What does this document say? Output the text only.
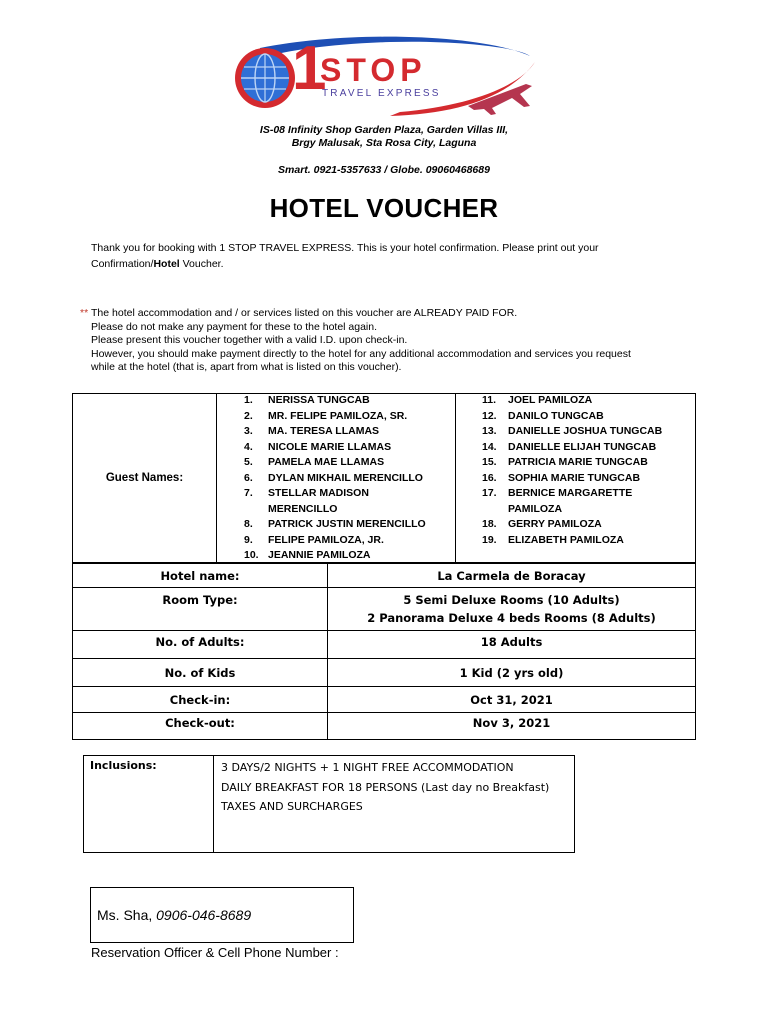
1
STOP
TRAVEL EXPRESS
IS-08 Infinity Shop Garden Plaza, Garden Villas III,
Brgy Malusak, Sta Rosa City, Laguna
Smart. 0921-5357633 / Globe. 09060468689
HOTEL VOUCHER

Thank you for booking with 1 STOP TRAVEL EXPRESS. This is your hotel confirmation. Please print out your

Confirmation/Hotel Voucher.

** The hotel accommodation and / or services listed on this voucher are ALREADY PAID FOR.

Please do not make any payment for these to the hotel again.

Please present this voucher together with a valid I.D. upon check-in.

However, you should make payment directly to the hotel for any additional accommodation and services you request

while at the hotel (that is, apart from what is listed on this voucher).

Guest Names:
1. NERISSA TUNGCAB
2. MR. FELIPE PAMILOZA, SR.
3. MA. TERESA LLAMAS
4. NICOLE MARIE LLAMAS
5. PAMELA MAE LLAMAS
6. DYLAN MIKHAIL MERENCILLO
7. STELLAR MADISON
MERENCILLO
8. PATRICK JUSTIN MERENCILLO
9. FELIPE PAMILOZA, JR.
10. JEANNIE PAMILOZA
11. JOEL PAMILOZA
12. DANILO TUNGCAB
13. DANIELLE JOSHUA TUNGCAB
14. DANIELLE ELIJAH TUNGCAB
15. PATRICIA MARIE TUNGCAB
16. SOPHIA MARIE TUNGCAB
17. BERNICE MARGARETTE
PAMILOZA
18. GERRY PAMILOZA
19. ELIZABETH PAMILOZA
Hotel name:	La Carmela de Boracay
Room Type:	5 Semi Deluxe Rooms (10 Adults)
2 Panorama Deluxe 4 beds Rooms (8 Adults)

No. of Adults:	18 Adults
No. of Kids	1 Kid (2 yrs old)
Check-in:	Oct 31, 2021
Check-out:	Nov 3, 2021
Inclusions:	3 DAYS/2 NIGHTS + 1 NIGHT FREE ACCOMMODATION
DAILY BREAKFAST FOR 18 PERSONS (Last day no Breakfast)
TAXES AND SURCHARGES
Ms. Sha, 0906-046-8689
Reservation Officer & Cell Phone Number :
